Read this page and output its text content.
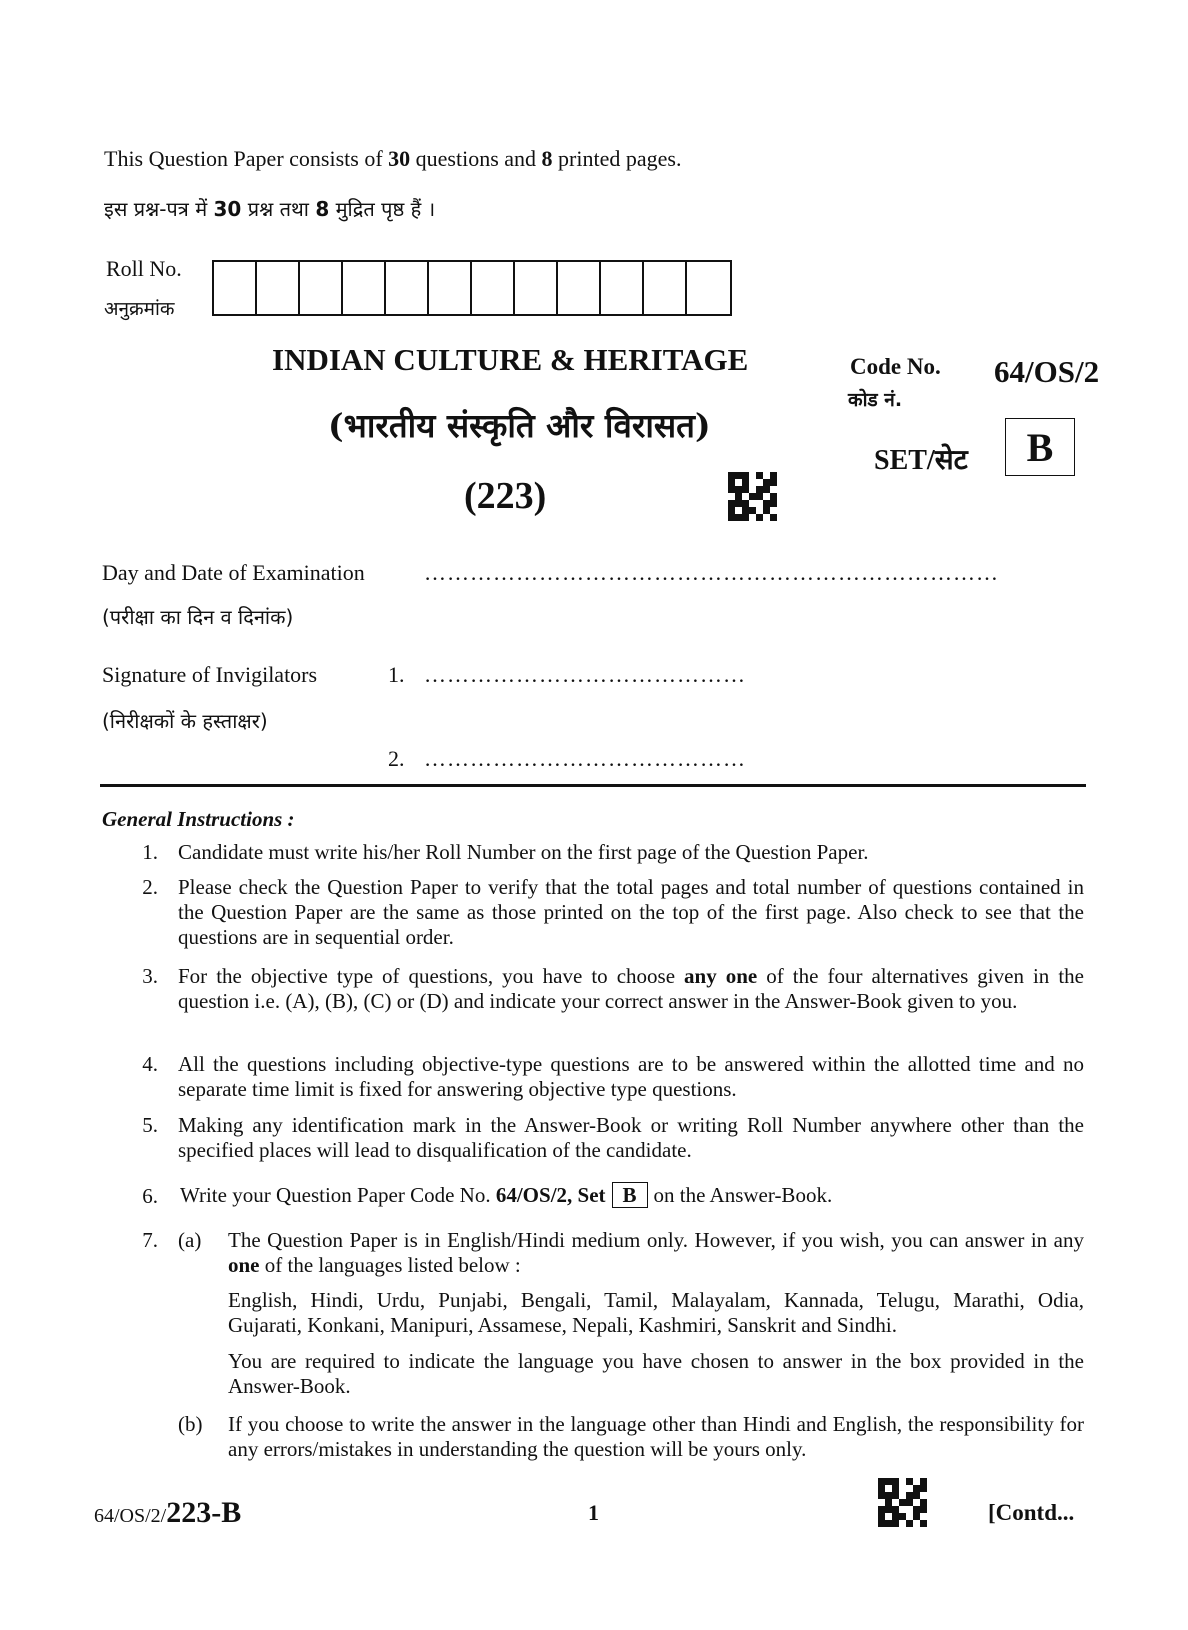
This Question Paper consists of 30 questions and 8 printed pages.
इस प्रश्न-पत्र में 30 प्रश्न तथा 8 मुद्रित पृष्ठ हैं ।
Roll No.
अनुक्रमांक
INDIAN CULTURE & HERITAGE
(भारतीय संस्कृति और विरासत)
(223)
Code No.
कोड नं.
64/OS/2
SET/सेट	B
Day and Date of Examination	…………………………………………………………………
(परीक्षा का दिन व दिनांक)
Signature of Invigilators	1. ……………………………………
(निरीक्षकों के हस्ताक्षर)
2. ……………………………………
General Instructions :
1. Candidate must write his/her Roll Number on the first page of the Question Paper.
2. Please check the Question Paper to verify that the total pages and total number of questions contained in the Question Paper are the same as those printed on the top of the first page. Also check to see that the questions are in sequential order.
3. For the objective type of questions, you have to choose any one of the four alternatives given in the question i.e. (A), (B), (C) or (D) and indicate your correct answer in the Answer-Book given to you.
4. All the questions including objective-type questions are to be answered within the allotted time and no separate time limit is fixed for answering objective type questions.
5. Making any identification mark in the Answer-Book or writing Roll Number anywhere other than the specified places will lead to disqualification of the candidate.
6. Write your Question Paper Code No. 64/OS/2, Set B on the Answer-Book.
7. (a) The Question Paper is in English/Hindi medium only. However, if you wish, you can answer in any one of the languages listed below :
English, Hindi, Urdu, Punjabi, Bengali, Tamil, Malayalam, Kannada, Telugu, Marathi, Odia, Gujarati, Konkani, Manipuri, Assamese, Nepali, Kashmiri, Sanskrit and Sindhi.
You are required to indicate the language you have chosen to answer in the box provided in the Answer-Book.
(b) If you choose to write the answer in the language other than Hindi and English, the responsibility for any errors/mistakes in understanding the question will be yours only.
64/OS/2/223-B	1	[Contd...
